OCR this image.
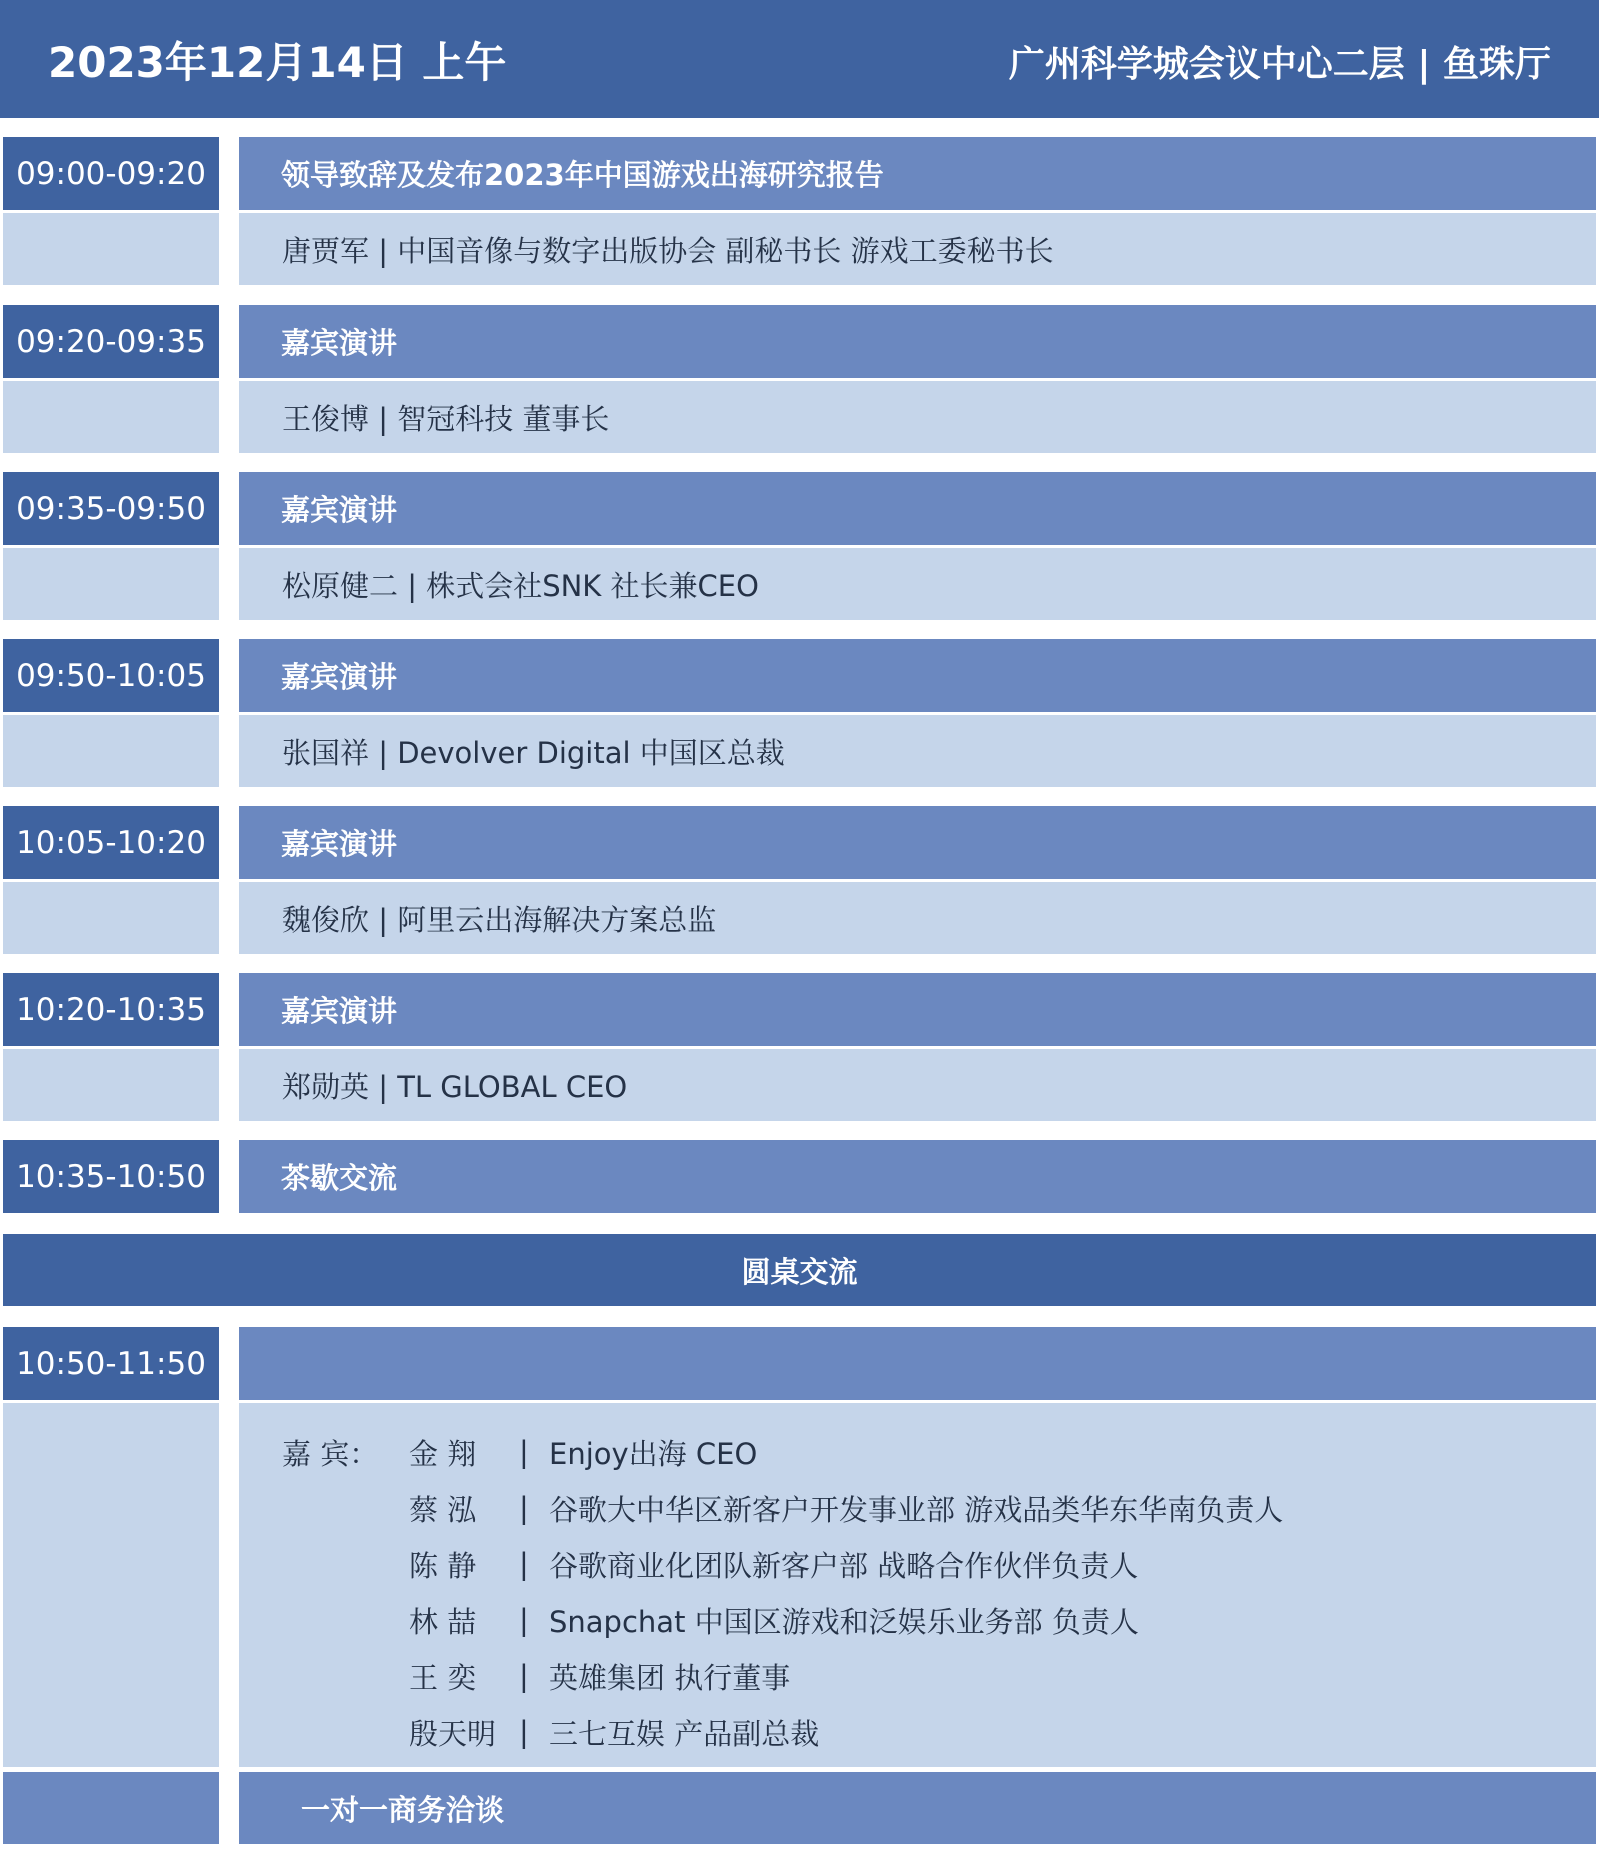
2023年12月14日 上午	广州科学城会议中心二层 | 鱼珠厅
09:00-09:20	领导致辞及发布2023年中国游戏出海研究报告
唐贾军 | 中国音像与数字出版协会 副秘书长 游戏工委秘书长
09:20-09:35	嘉宾演讲
王俊博 | 智冠科技 董事长
09:35-09:50	嘉宾演讲
松原健二 | 株式会社SNK 社长兼CEO
09:50-10:05	嘉宾演讲
张国祥 | Devolver Digital 中国区总裁
10:05-10:20	嘉宾演讲
魏俊欣 | 阿里云出海解决方案总监
10:20-10:35	嘉宾演讲
郑勋英 | TL GLOBAL CEO
10:35-10:50	茶歇交流
圆桌交流
10:50-11:50
嘉 宾：	金 翔	| Enjoy出海 CEO
蔡 泓	| 谷歌大中华区新客户开发事业部 游戏品类华东华南负责人
陈 静	| 谷歌商业化团队新客户部 战略合作伙伴负责人
林 喆	| Snapchat 中国区游戏和泛娱乐业务部 负责人
王 奕	| 英雄集团 执行董事
殷天明 | 三七互娱 产品副总裁
一对一商务洽谈
